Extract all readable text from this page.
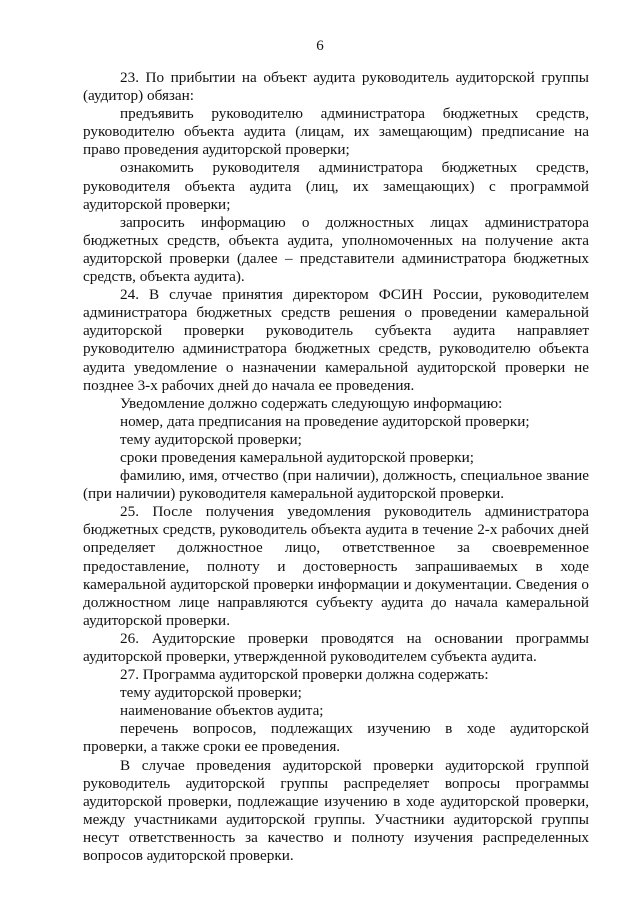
6

23. По прибытии на объект аудита руководитель аудиторской группы (аудитор) обязан:

предъявить руководителю администратора бюджетных средств, руководителю объекта аудита (лицам, их замещающим) предписание на право проведения аудиторской проверки;

ознакомить руководителя администратора бюджетных средств, руководителя объекта аудита (лиц, их замещающих) с программой аудиторской проверки;

запросить информацию о должностных лицах администратора бюджетных средств, объекта аудита, уполномоченных на получение акта аудиторской проверки (далее – представители администратора бюджетных средств, объекта аудита).

24. В случае принятия директором ФСИН России, руководителем администратора бюджетных средств решения о проведении камеральной аудиторской проверки руководитель субъекта аудита направляет руководителю администратора бюджетных средств, руководителю объекта аудита уведомление о назначении камеральной аудиторской проверки не позднее 3-х рабочих дней до начала ее проведения.

Уведомление должно содержать следующую информацию:

номер, дата предписания на проведение аудиторской проверки;

тему аудиторской проверки;

сроки проведения камеральной аудиторской проверки;

фамилию, имя, отчество (при наличии), должность, специальное звание (при наличии) руководителя камеральной аудиторской проверки.

25. После получения уведомления руководитель администратора бюджетных средств, руководитель объекта аудита в течение 2-х рабочих дней определяет должностное лицо, ответственное за своевременное предоставление, полноту и достоверность запрашиваемых в ходе камеральной аудиторской проверки информации и документации. Сведения о должностном лице направляются субъекту аудита до начала камеральной аудиторской проверки.

26. Аудиторские проверки проводятся на основании программы аудиторской проверки, утвержденной руководителем субъекта аудита.

27. Программа аудиторской проверки должна содержать:

тему аудиторской проверки;

наименование объектов аудита;

перечень вопросов, подлежащих изучению в ходе аудиторской проверки, а также сроки ее проведения.

В случае проведения аудиторской проверки аудиторской группой руководитель аудиторской группы распределяет вопросы программы аудиторской проверки, подлежащие изучению в ходе аудиторской проверки, между участниками аудиторской группы. Участники аудиторской группы несут ответственность за качество и полноту изучения распределенных вопросов аудиторской проверки.
